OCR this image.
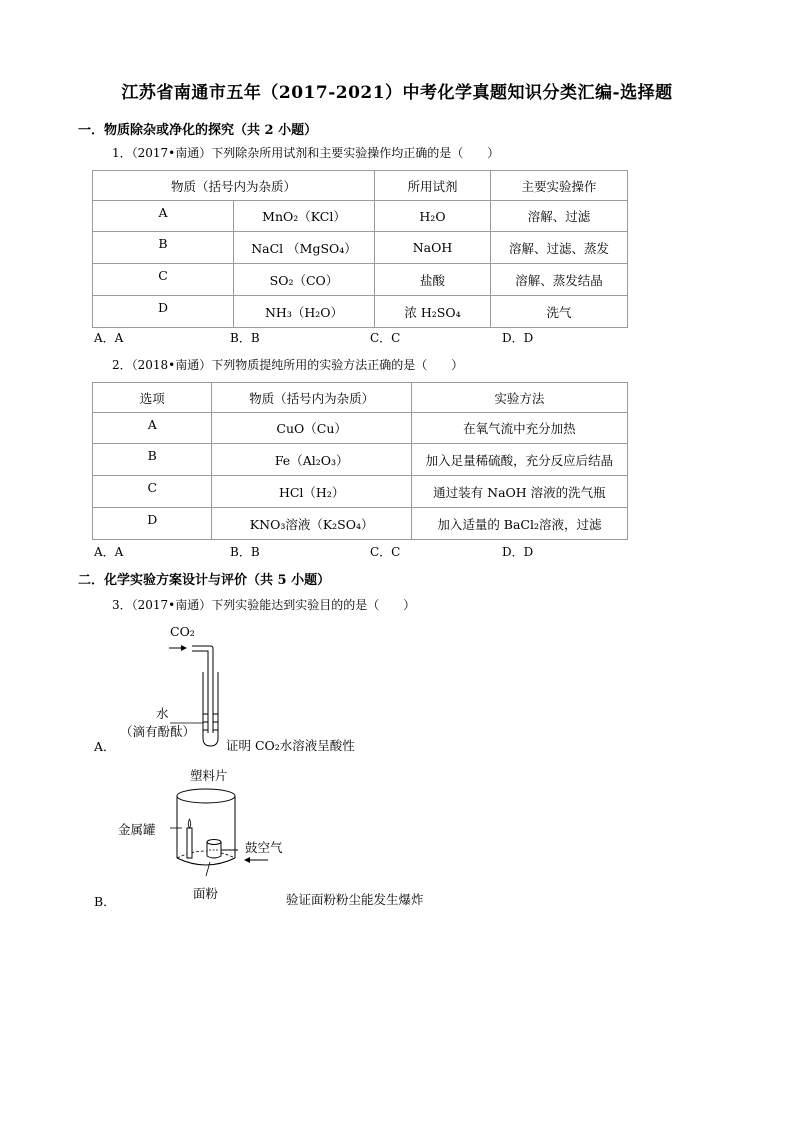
江苏省南通市五年（2017-2021）中考化学真题知识分类汇编-选择题
一．物质除杂或净化的探究（共 2 小题）
1．（2017•南通）下列除杂所用试剂和主要实验操作均正确的是（　　）
物质（括号内为杂质）		所用试剂	主要实验操作
A	MnO₂（KCl）	H₂O	溶解、过滤
B	NaCl （MgSO₄）	NaOH	溶解、过滤、蒸发
C	SO₂（CO）	盐酸	溶解、蒸发结晶
D	NH₃（H₂O）	浓 H₂SO₄	洗气
A．A	B．B	C．C	D．D
2．（2018•南通）下列物质提纯所用的实验方法正确的是（　　）
选项	物质（括号内为杂质）	实验方法
A	CuO（Cu）	在氧气流中充分加热
B	Fe（Al₂O₃）	加入足量稀硫酸，充分反应后结晶
C	HCl（H₂）	通过装有 NaOH 溶液的洗气瓶
D	KNO₃溶液（K₂SO₄）	加入适量的 BaCl₂溶液，过滤
A．A	B．B	C．C	D．D
二．化学实验方案设计与评价（共 5 小题）
3．（2017•南通）下列实验能达到实验目的的是（　　）
CO₂
水
（滴有酚酞）
A．	证明 CO₂水溶液呈酸性
塑料片
金属罐
鼓空气
面粉
B．	验证面粉粉尘能发生爆炸
